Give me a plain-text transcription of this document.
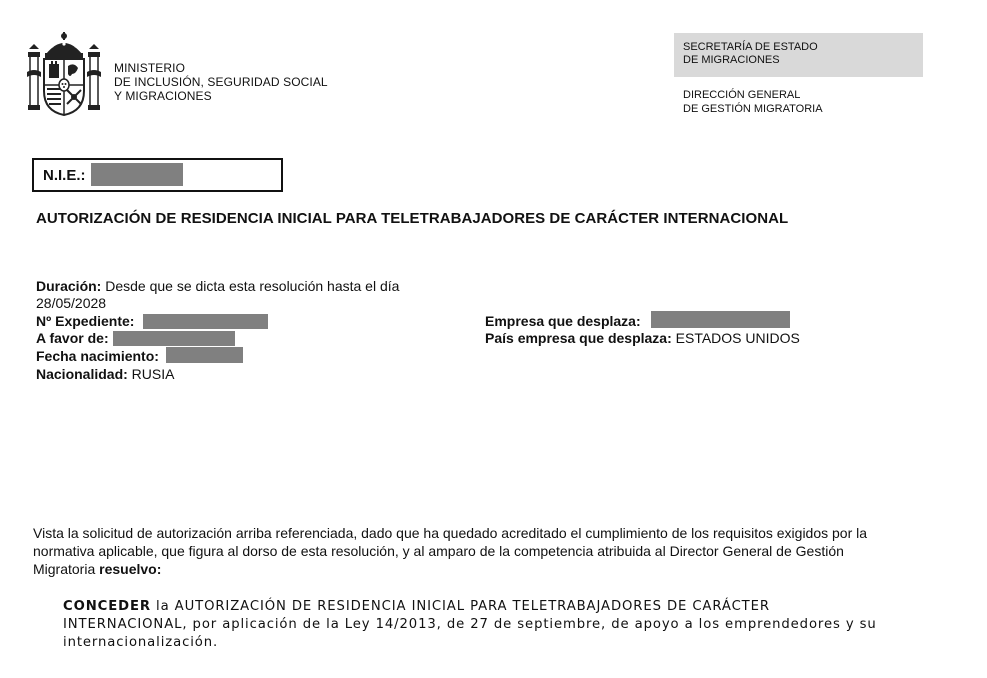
MINISTERIO
DE INCLUSIÓN, SEGURIDAD SOCIAL
Y MIGRACIONES
SECRETARÍA DE ESTADO
DE MIGRACIONES
DIRECCIÓN GENERAL
DE GESTIÓN MIGRATORIA
N.I.E.:
AUTORIZACIÓN DE RESIDENCIA INICIAL PARA TELETRABAJADORES DE CARÁCTER INTERNACIONAL
Duración: Desde que se dicta esta resolución hasta el día
28/05/2028
Nº Expediente:
A favor de:
Fecha nacimiento:
Nacionalidad: RUSIA
Empresa que desplaza:
País empresa que desplaza: ESTADOS UNIDOS
Vista la solicitud de autorización arriba referenciada, dado que ha quedado acreditado el cumplimiento de los requisitos exigidos por la
normativa aplicable, que figura al dorso de esta resolución, y al amparo de la competencia atribuida al Director General de Gestión
Migratoria resuelvo:
CONCEDER la AUTORIZACIÓN DE RESIDENCIA INICIAL PARA TELETRABAJADORES DE CARÁCTER
INTERNACIONAL, por aplicación de la Ley 14/2013, de 27 de septiembre, de apoyo a los emprendedores y su
internacionalización.
